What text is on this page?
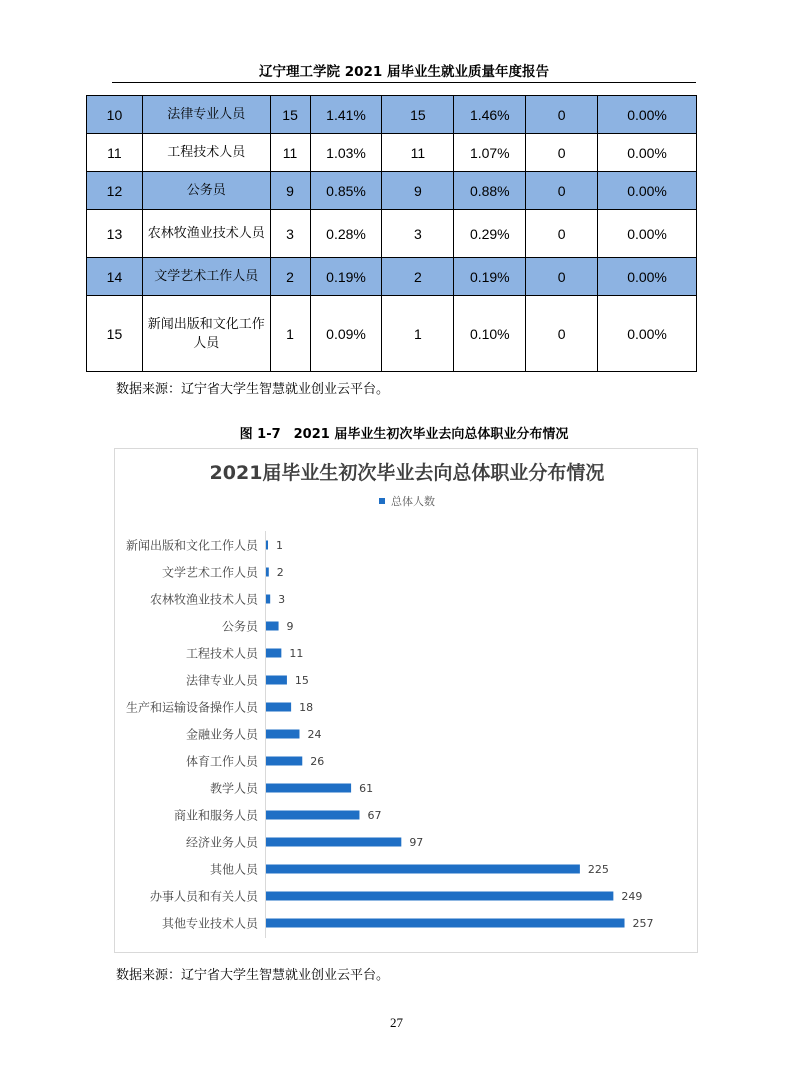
辽宁理工学院 2021 届毕业生就业质量年度报告
10	法律专业人员	15	1.41%	15	1.46%	0	0.00%
11	工程技术人员	11	1.03%	11	1.07%	0	0.00%
12	公务员	9	0.85%	9	0.88%	0	0.00%
13	农林牧渔业技术人员	3	0.28%	3	0.29%	0	0.00%
14	文学艺术工作人员	2	0.19%	2	0.19%	0	0.00%
15	新闻出版和文化工作人员	1	0.09%	1	0.10%	0	0.00%
数据来源：辽宁省大学生智慧就业创业云平台。
图 1-7　2021 届毕业生初次毕业去向总体职业分布情况
2021届毕业生初次毕业去向总体职业分布情况
总体人数
新闻出版和文化工作人员 1
文学艺术工作人员 2
农林牧渔业技术人员 3
公务员	9
工程技术人员	11
法律专业人员	15
生产和运输设备操作人员	18
金融业务人员	24
体育工作人员	26
教学人员	61
商业和服务人员	67
经济业务人员	97
其他人员	225
办事人员和有关人员	249
其他专业技术人员	257
数据来源：辽宁省大学生智慧就业创业云平台。
27
